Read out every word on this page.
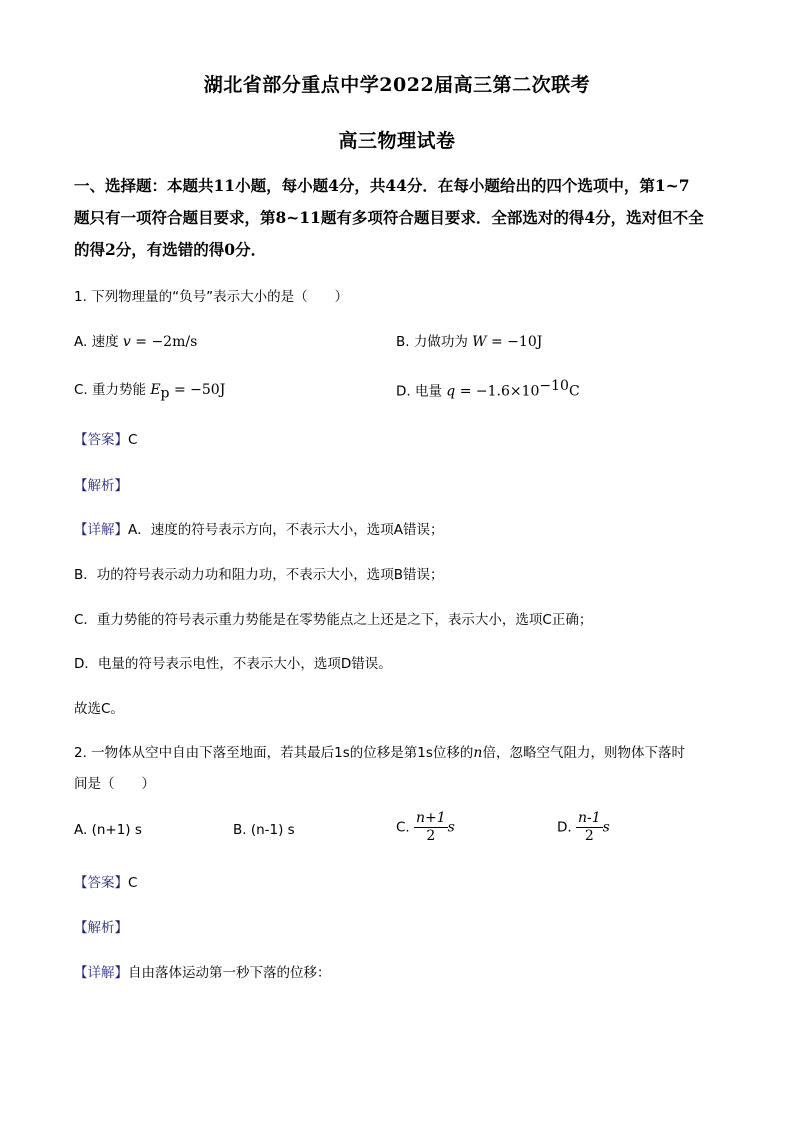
湖北省部分重点中学2022届高三第二次联考
高三物理试卷
一、选择题：本题共11小题，每小题4分，共44分．在每小题给出的四个选项中，第1~7
题只有一项符合题目要求，第8~11题有多项符合题目要求．全部选对的得4分，选对但不全
的得2分，有选错的得0分．
1. 下列物理量的“负号”表示大小的是（　　）
A. 速度 v = −2m/s	B. 力做功为 W = −10J
C. 重力势能 $E_p = -50J$	D. 电量 $q = -1.6\times 10^{-10}C$
【答案】C
【解析】
【详解】A．速度的符号表示方向，不表示大小，选项A错误；
B．功的符号表示动力功和阻力功，不表示大小，选项B错误；
C．重力势能的符号表示重力势能是在零势能点之上还是之下，表示大小，选项C正确；
D．电量的符号表示电性，不表示大小，选项D错误。
故选C。
2. 一物体从空中自由下落至地面，若其最后1s的位移是第1s位移的n倍，忽略空气阻力，则物体下落时
间是（　　）
A. (n+1) s	B. (n-1) s	C. $\frac{n+1}{2}$ s	D. $\frac{n-1}{2}$ s
【答案】C
【解析】
【详解】自由落体运动第一秒下落的位移：
